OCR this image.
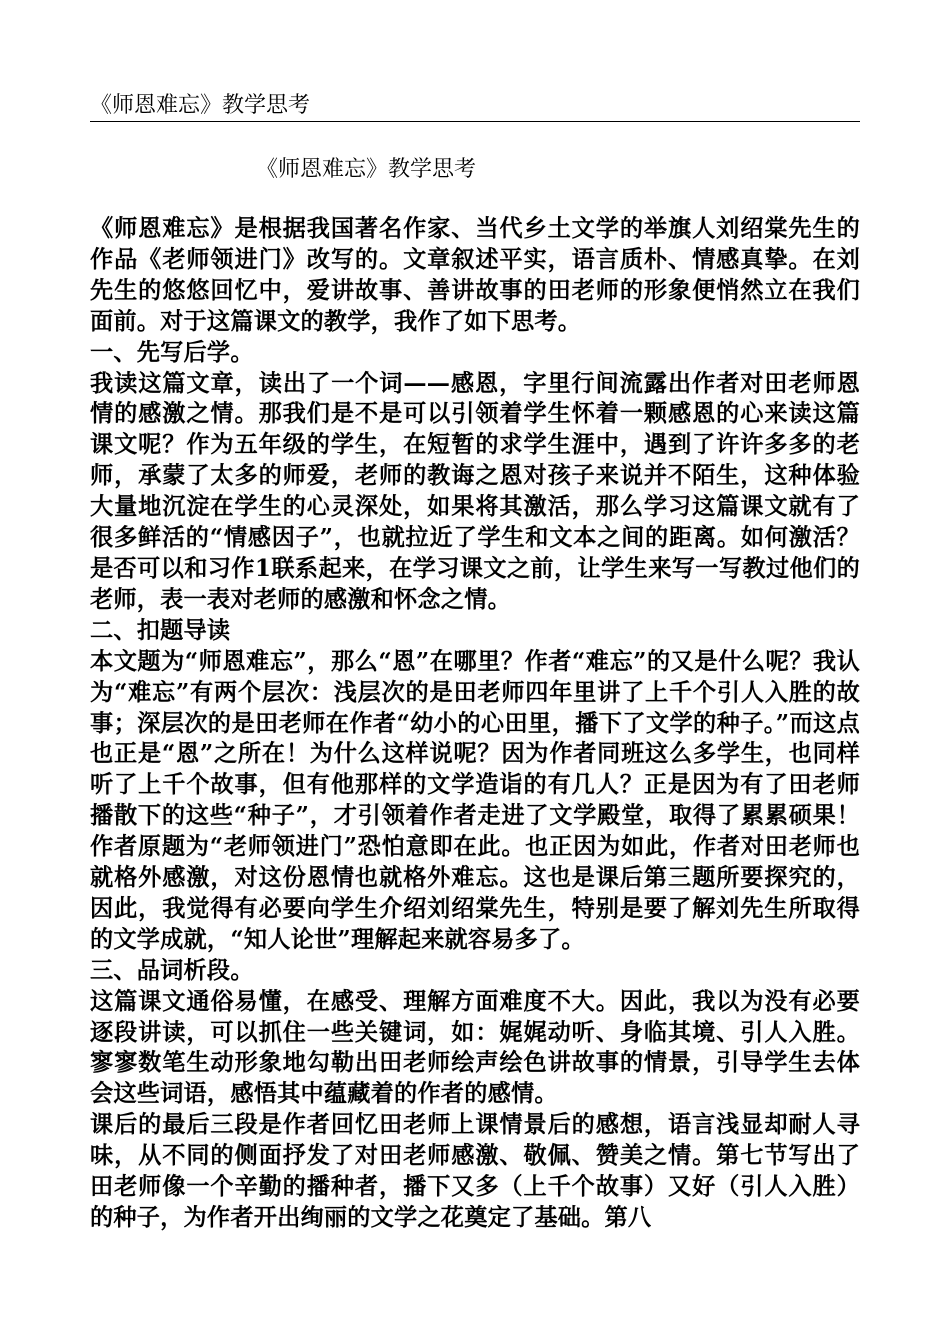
《师恩难忘》教学思考
《师恩难忘》教学思考

《师恩难忘》是根据我国著名作家、当代乡土文学的举旗人刘绍棠先生的作品《老师领进门》改写的。文章叙述平实，语言质朴、情感真挚。在刘先生的悠悠回忆中，爱讲故事、善讲故事的田老师的形象便悄然立在我们面前。对于这篇课文的教学，我作了如下思考。

一、先写后学。

我读这篇文章，读出了一个词——感恩，字里行间流露出作者对田老师恩情的感激之情。那我们是不是可以引领着学生怀着一颗感恩的心来读这篇课文呢？作为五年级的学生，在短暂的求学生涯中，遇到了许许多多的老师，承蒙了太多的师爱，老师的教诲之恩对孩子来说并不陌生，这种体验大量地沉淀在学生的心灵深处，如果将其激活，那么学习这篇课文就有了很多鲜活的“情感因子”，也就拉近了学生和文本之间的距离。如何激活？是否可以和习作1联系起来，在学习课文之前，让学生来写一写教过他们的老师，表一表对老师的感激和怀念之情。

二、扣题导读

本文题为“师恩难忘”，那么“恩”在哪里？作者“难忘”的又是什么呢？我认为“难忘”有两个层次：浅层次的是田老师四年里讲了上千个引人入胜的故事；深层次的是田老师在作者“幼小的心田里，播下了文学的种子。”而这点也正是“恩”之所在！为什么这样说呢？因为作者同班这么多学生，也同样听了上千个故事，但有他那样的文学造诣的有几人？正是因为有了田老师播散下的这些“种子”，才引领着作者走进了文学殿堂，取得了累累硕果！作者原题为“老师领进门”恐怕意即在此。也正因为如此，作者对田老师也就格外感激，对这份恩情也就格外难忘。这也是课后第三题所要探究的，因此，我觉得有必要向学生介绍刘绍棠先生，特别是要了解刘先生所取得的文学成就，“知人论世”理解起来就容易多了。

三、品词析段。

这篇课文通俗易懂，在感受、理解方面难度不大。因此，我以为没有必要逐段讲读，可以抓住一些关键词，如：娓娓动听、身临其境、引人入胜。寥寥数笔生动形象地勾勒出田老师绘声绘色讲故事的情景，引导学生去体会这些词语，感悟其中蕴藏着的作者的感情。

课后的最后三段是作者回忆田老师上课情景后的感想，语言浅显却耐人寻味，从不同的侧面抒发了对田老师感激、敬佩、赞美之情。第七节写出了田老师像一个辛勤的播种者，播下又多（上千个故事）又好（引人入胜）的种子，为作者开出绚丽的文学之花奠定了基础。第八
